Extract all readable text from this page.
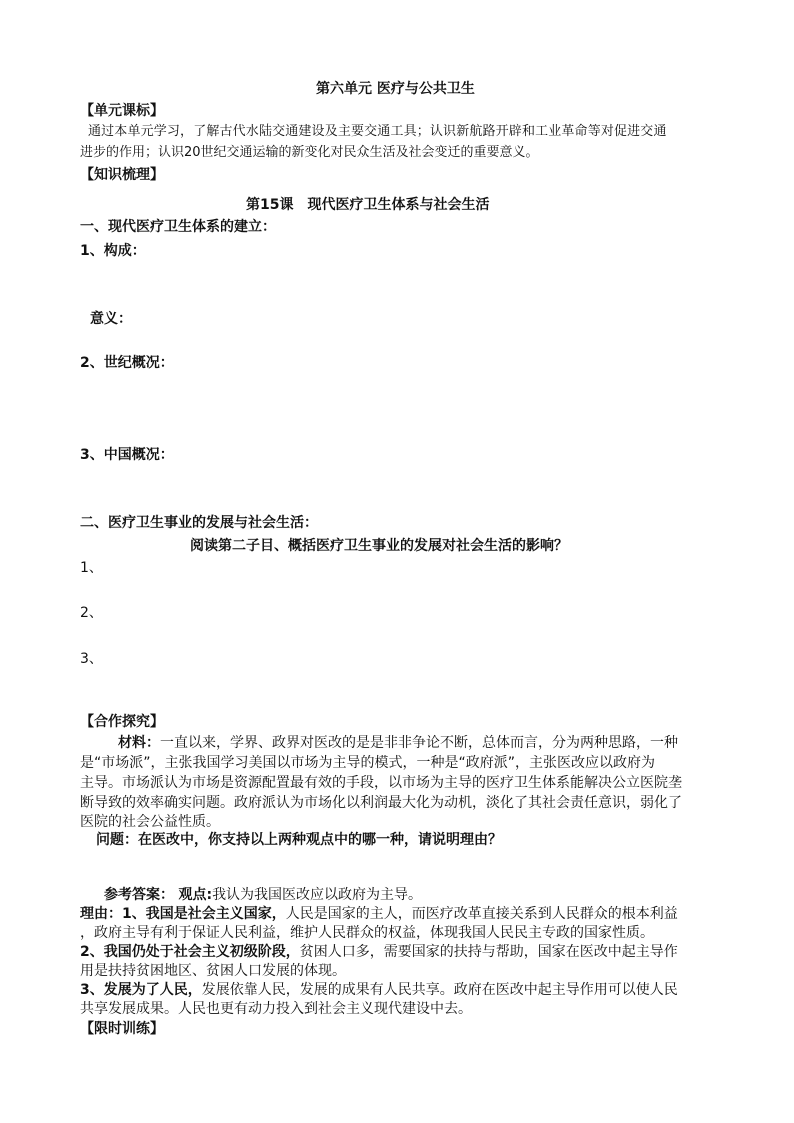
第六单元 医疗与公共卫生
【单元课标】
通过本单元学习，了解古代水陆交通建设及主要交通工具；认识新航路开辟和工业革命等对促进交通
进步的作用；认识20世纪交通运输的新变化对民众生活及社会变迁的重要意义。
【知识梳理】
第15课　现代医疗卫生体系与社会生活
一、现代医疗卫生体系的建立：
1、构成：
意义：
2、世纪概况：
3、中国概况：
二、医疗卫生事业的发展与社会生活：
阅读第二子目、概括医疗卫生事业的发展对社会生活的影响？
1、
2、
3、
【合作探究】
材料：一直以来，学界、政界对医改的是是非非争论不断，总体而言，分为两种思路，一种
是“市场派”，主张我国学习美国以市场为主导的模式，一种是“政府派”，主张医改应以政府为
主导。市场派认为市场是资源配置最有效的手段，以市场为主导的医疗卫生体系能解决公立医院垄
断导致的效率确实问题。政府派认为市场化以利润最大化为动机，淡化了其社会责任意识，弱化了
医院的社会公益性质。
问题：在医改中，你支持以上两种观点中的哪一种，请说明理由？
参考答案： 观点:我认为我国医改应以政府为主导。
理由：1、我国是社会主义国家，人民是国家的主人，而医疗改革直接关系到人民群众的根本利益
，政府主导有利于保证人民利益，维护人民群众的权益，体现我国人民民主专政的国家性质。
2、我国仍处于社会主义初级阶段，贫困人口多，需要国家的扶持与帮助，国家在医改中起主导作
用是扶持贫困地区、贫困人口发展的体现。
3、发展为了人民，发展依靠人民，发展的成果有人民共享。政府在医改中起主导作用可以使人民
共享发展成果。人民也更有动力投入到社会主义现代建设中去。
【限时训练】
